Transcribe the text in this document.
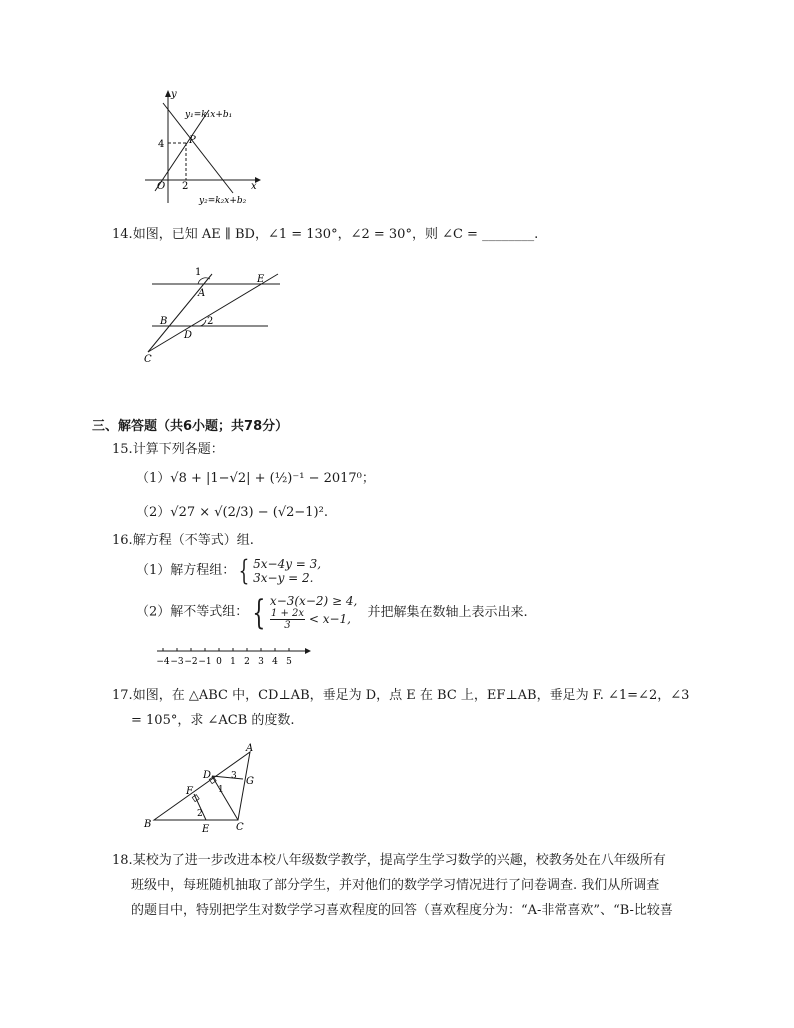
y
x
y₁=k₁x+b₁
y₂=k₂x+b₂
P
O
4
2
14.如图，已知 AE ∥ BD，∠1 = 130°，∠2 = 30°，则 ∠C = ________.
1
2
A
B
C
D
E
三、解答题（共6小题；共78分）
15.计算下列各题：
（1）√8 + |1−√2| + (½)⁻¹ − 2017⁰；
（2）√27 × √(2/3) − (√2−1)².
16.解方程（不等式）组.
（1）解方程组： { 5x−4y = 3,
3x−y = 2.
（2）解不等式组： { x−3(x−2) ≥ 4,

$\frac{1 + 2x}{3} < x-1$, 并把解集在数轴上表示出来.
−4 −3 −2 −1 0 1 2 3 4 5
17.如图，在 △ABC 中，CD⊥AB，垂足为 D，点 E 在 BC 上，EF⊥AB，垂足为 F. ∠1=∠2，∠3
= 105°，求 ∠ACB 的度数.
A
B	C
D
E
F
G
1
2
3
18.某校为了进一步改进本校八年级数学教学，提高学生学习数学的兴趣，校教务处在八年级所有
班级中，每班随机抽取了部分学生，并对他们的数学学习情况进行了问卷调查. 我们从所调查
的题目中，特别把学生对数学学习喜欢程度的回答（喜欢程度分为：“A-非常喜欢”、“B-比较喜
